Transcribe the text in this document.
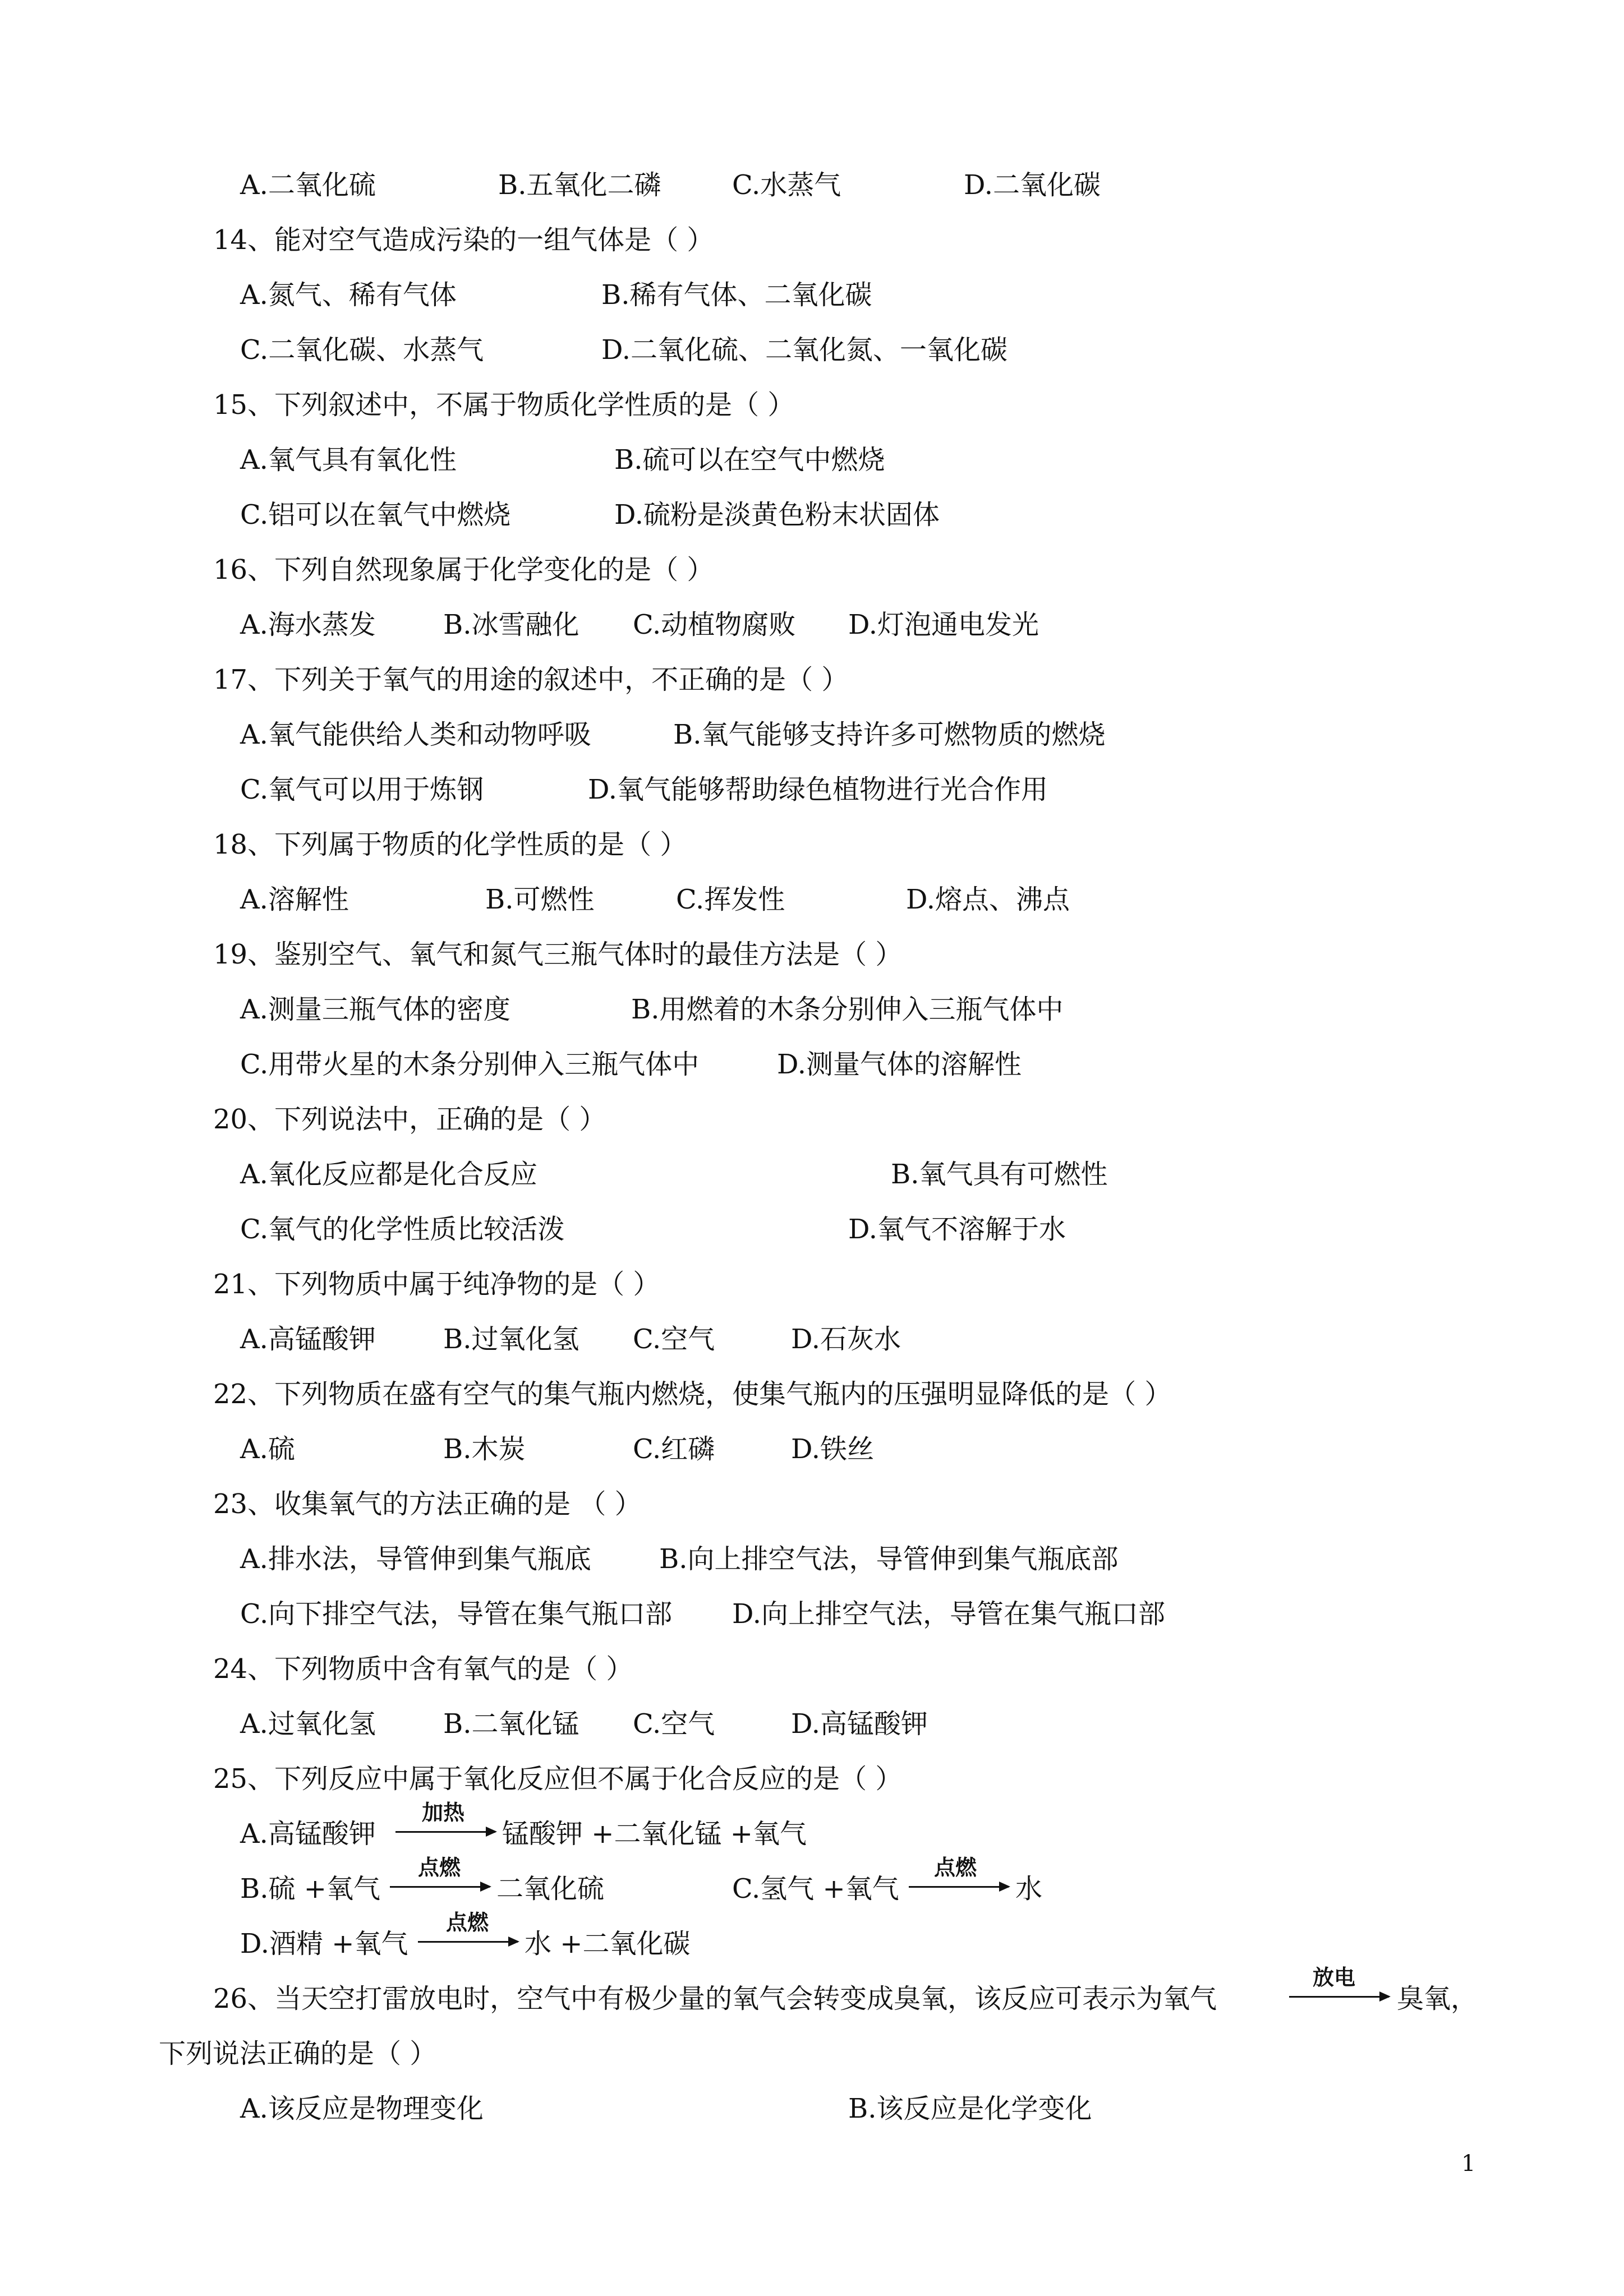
A.二氧化硫	B.五氧化二磷	C.水蒸气	D.二氧化碳
14、能对空气造成污染的一组气体是（ ）
A.氮气、稀有气体	B.稀有气体、二氧化碳
C.二氧化碳、水蒸气	D.二氧化硫、二氧化氮、一氧化碳
15、下列叙述中，不属于物质化学性质的是（ ）
A.氧气具有氧化性	B.硫可以在空气中燃烧
C.铝可以在氧气中燃烧	D.硫粉是淡黄色粉末状固体
16、下列自然现象属于化学变化的是（ ）
A.海水蒸发	B.冰雪融化 C.动植物腐败 D.灯泡通电发光
17、下列关于氧气的用途的叙述中，不正确的是（ ）
A.氧气能供给人类和动物呼吸	B.氧气能够支持许多可燃物质的燃烧
C.氧气可以用于炼钢	D.氧气能够帮助绿色植物进行光合作用
18、下列属于物质的化学性质的是（ ）
A.溶解性	B.可燃性	C.挥发性	D.熔点、沸点
19、鉴别空气、氧气和氮气三瓶气体时的最佳方法是（ ）
A.测量三瓶气体的密度	B.用燃着的木条分别伸入三瓶气体中
C.用带火星的木条分别伸入三瓶气体中	D.测量气体的溶解性
20、下列说法中，正确的是（ ）
A.氧化反应都是化合反应	B.氧气具有可燃性
C.氧气的化学性质比较活泼	D.氧气不溶解于水
21、下列物质中属于纯净物的是（ ）
A.高锰酸钾	B.过氧化氢 C.空气	D.石灰水
22、下列物质在盛有空气的集气瓶内燃烧，使集气瓶内的压强明显降低的是（ ）
A.硫	B.木炭	C.红磷	D.铁丝
23、收集氧气的方法正确的是 （ ）
A.排水法，导管伸到集气瓶底	B.向上排空气法，导管伸到集气瓶底部
C.向下排空气法，导管在集气瓶口部 D.向上排空气法，导管在集气瓶口部
24、下列物质中含有氧气的是（ ）
A.过氧化氢	B.二氧化锰 C.空气	D.高锰酸钾
25、下列反应中属于氧化反应但不属于化合反应的是（ ）
A.高锰酸钾
加热
锰酸钾 +二氧化锰 +氧气
B.硫 +氧气
点燃
二氧化硫	C.氢气 +氧气
点燃
水
D.酒精 +氧气
点燃
水 +二氧化碳
26、当天空打雷放电时，空气中有极少量的氧气会转变成臭氧，该反应可表示为氧气
放电
臭氧，
下列说法正确的是（ ）
A.该反应是物理变化	B.该反应是化学变化
1
